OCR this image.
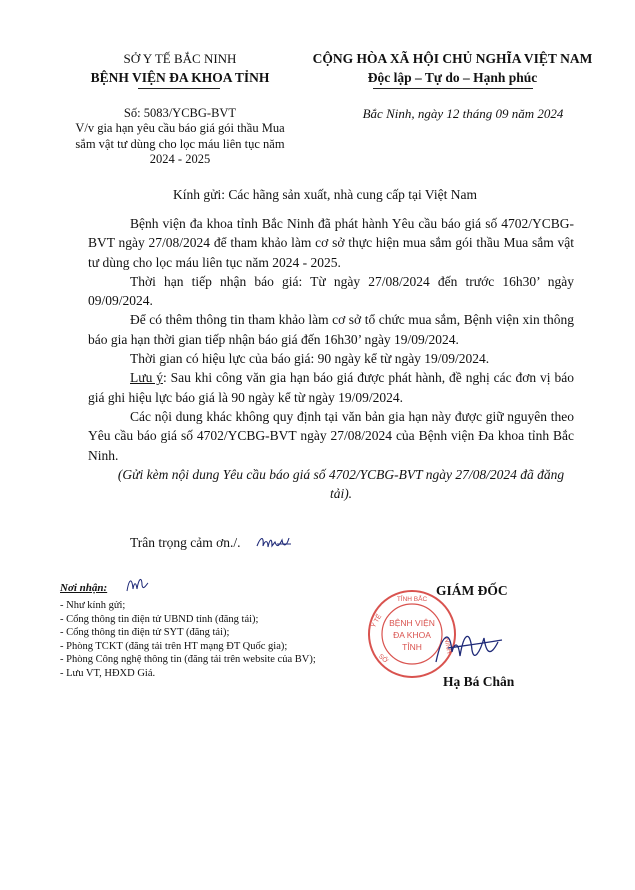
SỞ Y TẾ BẮC NINH
BỆNH VIỆN ĐA KHOA TỈNH
CỘNG HÒA XÃ HỘI CHỦ NGHĨA VIỆT NAM
Độc lập – Tự do – Hạnh phúc
Số: 5083/YCBG-BVT
V/v gia hạn yêu cầu báo giá gói thầu Mua sắm vật tư dùng cho lọc máu liên tục năm 2024 - 2025
Bắc Ninh, ngày 12 tháng 09 năm 2024
Kính gửi: Các hãng sản xuất, nhà cung cấp tại Việt Nam

Bệnh viện đa khoa tỉnh Bắc Ninh đã phát hành Yêu cầu báo giá số 4702/YCBG-BVT ngày 27/08/2024 để tham khảo làm cơ sở thực hiện mua sắm gói thầu Mua sắm vật tư dùng cho lọc máu liên tục năm 2024 - 2025.

Thời hạn tiếp nhận báo giá: Từ ngày 27/08/2024 đến trước 16h30’ ngày 09/09/2024.

Để có thêm thông tin tham khảo làm cơ sở tổ chức mua sắm, Bệnh viện xin thông báo gia hạn thời gian tiếp nhận báo giá đến 16h30’ ngày 19/09/2024.

Thời gian có hiệu lực của báo giá: 90 ngày kể từ ngày 19/09/2024.

Lưu ý: Sau khi công văn gia hạn báo giá được phát hành, đề nghị các đơn vị báo giá ghi hiệu lực báo giá là 90 ngày kể từ ngày 19/09/2024.

Các nội dung khác không quy định tại văn bản gia hạn này được giữ nguyên theo Yêu cầu báo giá số 4702/YCBG-BVT ngày 27/08/2024 của Bệnh viện Đa khoa tỉnh Bắc Ninh.

(Gửi kèm nội dung Yêu cầu báo giá số 4702/YCBG-BVT ngày 27/08/2024 đã đăng tải).

Trân trọng cảm ơn./.
Nơi nhận:
- Như kính gửi;
- Cổng thông tin điện tử UBND tỉnh (đăng tải);
- Cổng thông tin điện tử SYT (đăng tải);
- Phòng TCKT (đăng tải trên HT mạng ĐT Quốc gia);
- Phòng Công nghệ thông tin (đăng tải trên website của BV);
- Lưu VT, HĐXD Giá.
GIÁM ĐỐC
TỈNH BẮC
Y TẾ
SỞ
NINH
BỆNH VIỆN
ĐA KHOA
TỈNH
Hạ Bá Chân
